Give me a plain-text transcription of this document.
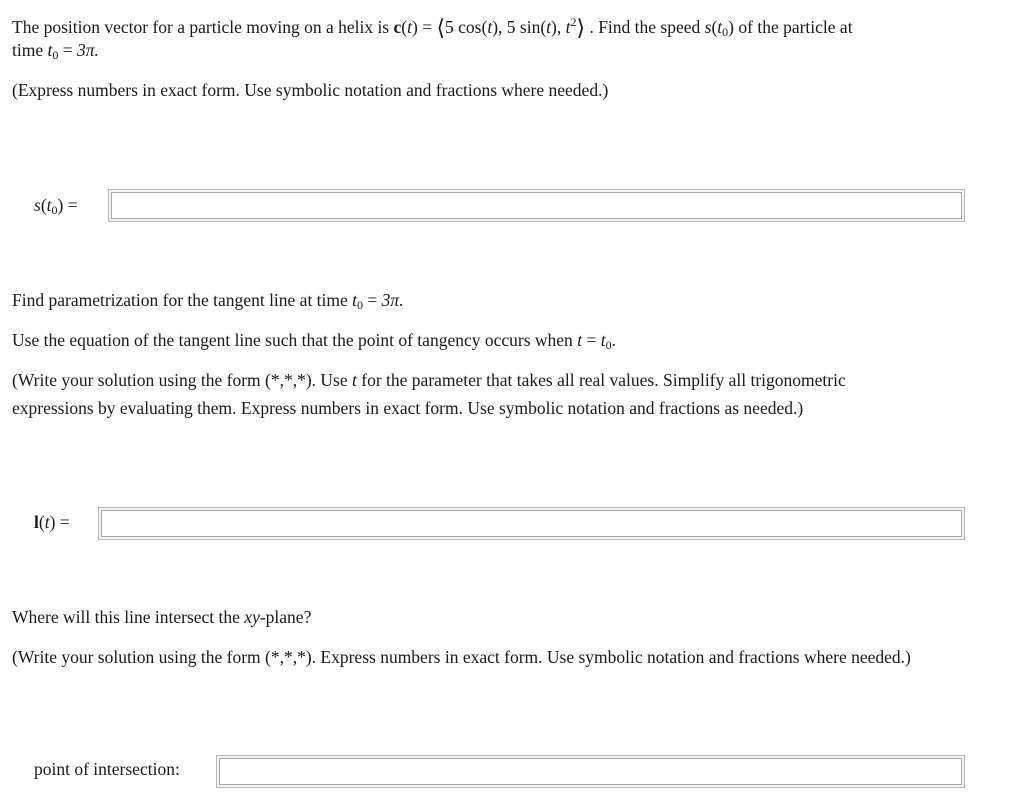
The position vector for a particle moving on a helix is c(t) = ⟨5 cos(t), 5 sin(t), $t^2⟩$ . Find the speed $s(t_0)$ of the particle at
time $t_0 = 3\pi$.
(Express numbers in exact form. Use symbolic notation and fractions where needed.)
$s(t_0)$ =
Find parametrization for the tangent line at time $t_0 = 3\pi$.
Use the equation of the tangent line such that the point of tangency occurs when $t = t_0$.
(Write your solution using the form (*,*,*). Use t for the parameter that takes all real values. Simplify all trigonometric
expressions by evaluating them. Express numbers in exact form. Use symbolic notation and fractions as needed.)
l(t) =
Where will this line intersect the xy-plane?
(Write your solution using the form (*,*,*). Express numbers in exact form. Use symbolic notation and fractions where needed.)
point of intersection:
